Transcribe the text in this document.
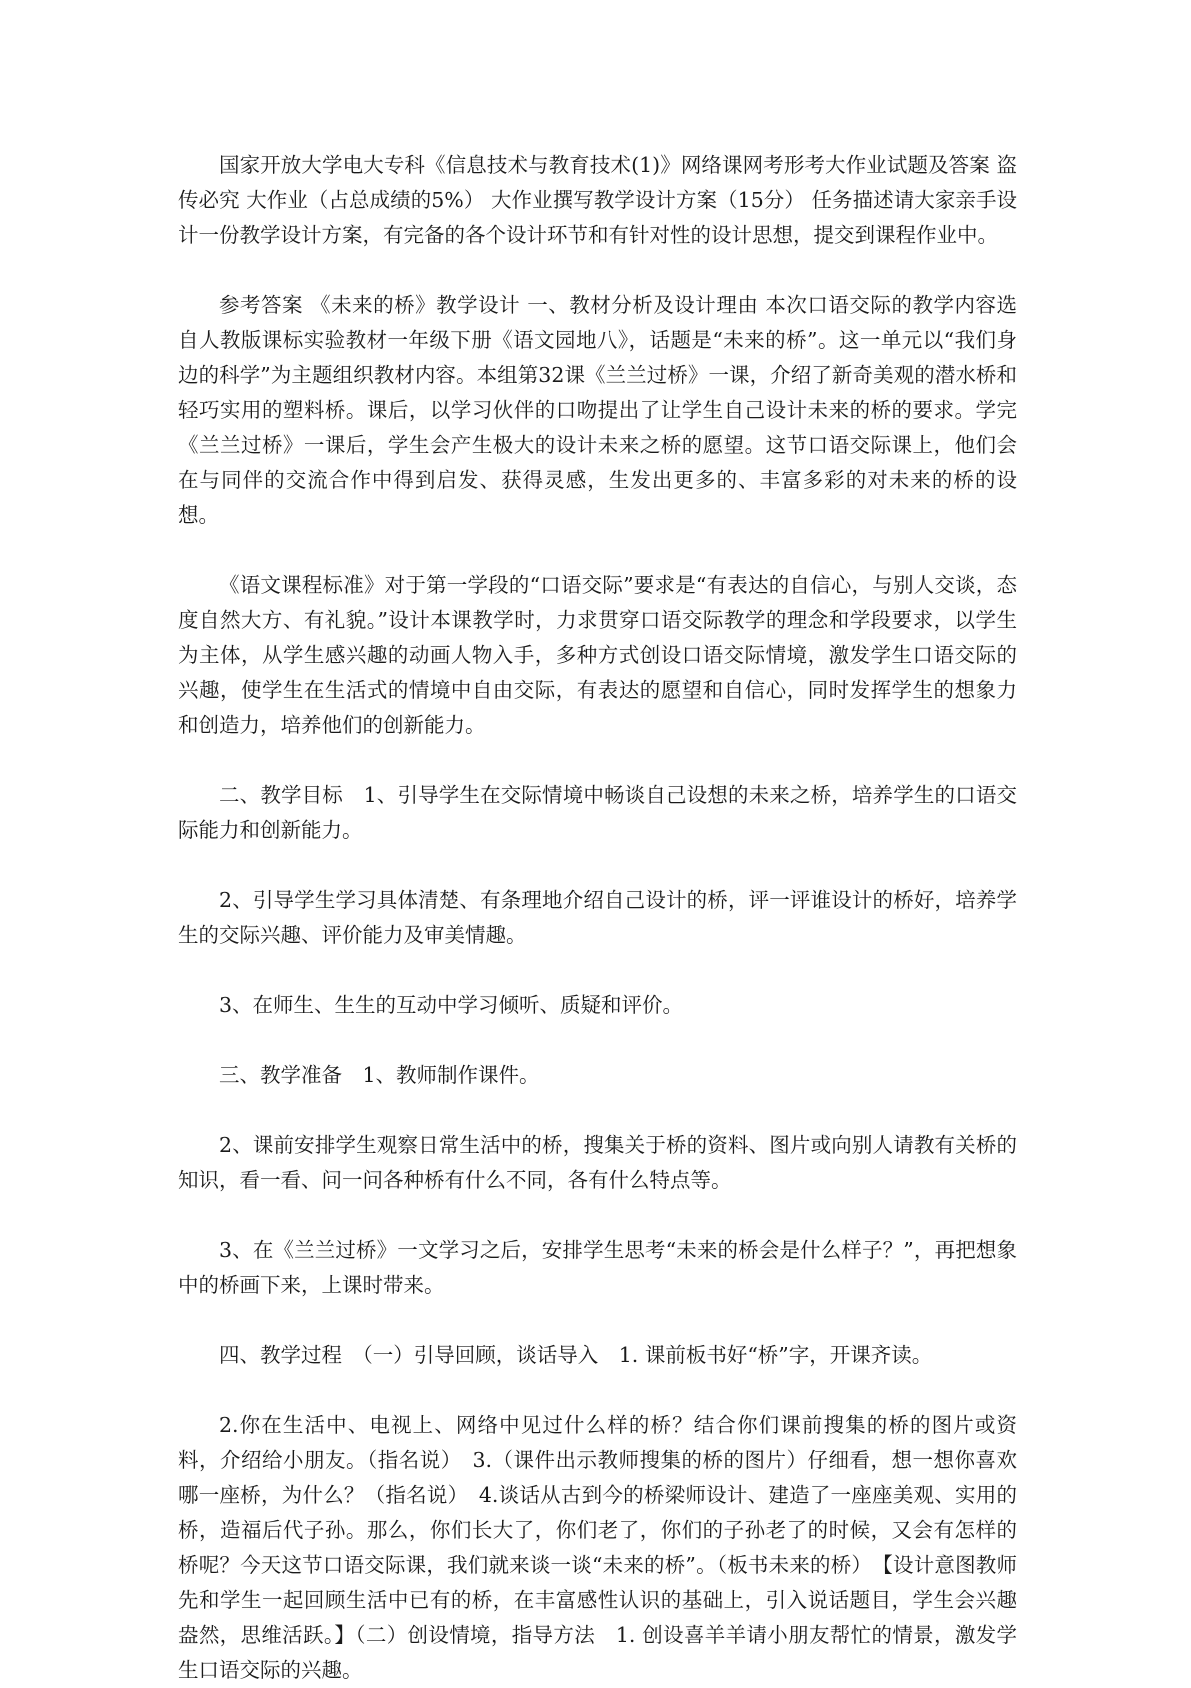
国家开放大学电大专科《信息技术与教育技术(1)》网络课网考形考大作业试题及答案 盗传必究 大作业（占总成绩的5%） 大作业撰写教学设计方案（15分） 任务描述请大家亲手设计一份教学设计方案，有完备的各个设计环节和有针对性的设计思想，提交到课程作业中。

参考答案 《未来的桥》教学设计 一、教材分析及设计理由 本次口语交际的教学内容选自人教版课标实验教材一年级下册《语文园地八》，话题是“未来的桥”。这一单元以“我们身边的科学”为主题组织教材内容。本组第32课《兰兰过桥》一课，介绍了新奇美观的潜水桥和轻巧实用的塑料桥。课后，以学习伙伴的口吻提出了让学生自己设计未来的桥的要求。学完《兰兰过桥》一课后，学生会产生极大的设计未来之桥的愿望。这节口语交际课上，他们会在与同伴的交流合作中得到启发、获得灵感，生发出更多的、丰富多彩的对未来的桥的设想。

《语文课程标准》对于第一学段的“口语交际”要求是“有表达的自信心，与别人交谈，态度自然大方、有礼貌。”设计本课教学时，力求贯穿口语交际教学的理念和学段要求，以学生为主体，从学生感兴趣的动画人物入手，多种方式创设口语交际情境，激发学生口语交际的兴趣，使学生在生活式的情境中自由交际，有表达的愿望和自信心，同时发挥学生的想象力和创造力，培养他们的创新能力。

二、教学目标　1、引导学生在交际情境中畅谈自己设想的未来之桥，培养学生的口语交际能力和创新能力。

2、引导学生学习具体清楚、有条理地介绍自己设计的桥，评一评谁设计的桥好，培养学生的交际兴趣、评价能力及审美情趣。

3、在师生、生生的互动中学习倾听、质疑和评价。

三、教学准备　1、教师制作课件。

2、课前安排学生观察日常生活中的桥，搜集关于桥的资料、图片或向别人请教有关桥的知识，看一看、问一问各种桥有什么不同，各有什么特点等。

3、在《兰兰过桥》一文学习之后，安排学生思考“未来的桥会是什么样子？”，再把想象中的桥画下来，上课时带来。

四、教学过程　（一）引导回顾，谈话导入　1. 课前板书好“桥”字，开课齐读。

2.你在生活中、电视上、网络中见过什么样的桥？结合你们课前搜集的桥的图片或资料，介绍给小朋友。（指名说）　3.（课件出示教师搜集的桥的图片）仔细看，想一想你喜欢哪一座桥，为什么？（指名说）　4.谈话从古到今的桥梁师设计、建造了一座座美观、实用的桥，造福后代子孙。那么，你们长大了，你们老了，你们的子孙老了的时候，又会有怎样的桥呢？今天这节口语交际课，我们就来谈一谈“未来的桥”。（板书未来的桥）　【设计意图教师先和学生一起回顾生活中已有的桥，在丰富感性认识的基础上，引入说话题目，学生会兴趣盎然，思维活跃。】（二）创设情境，指导方法　1. 创设喜羊羊请小朋友帮忙的情景，激发学生口语交际的兴趣。
